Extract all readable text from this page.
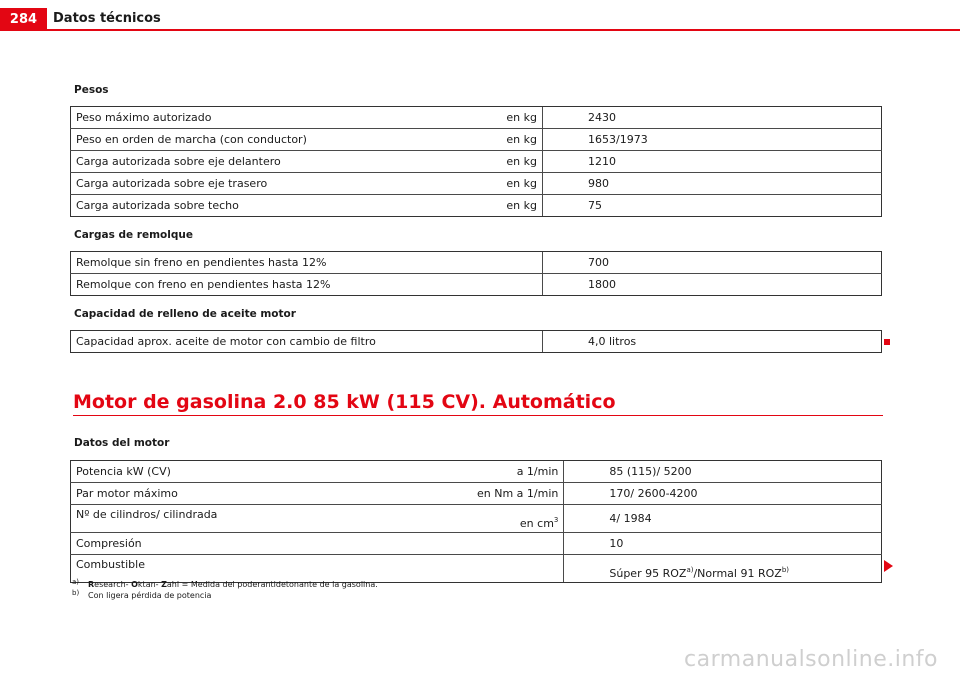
284	Datos técnicos
Pesos
Peso máximo autorizado	en kg	2430
Peso en orden de marcha (con conductor)	en kg	1653/1973
Carga autorizada sobre eje delantero	en kg	1210
Carga autorizada sobre eje trasero	en kg	980
Carga autorizada sobre techo	en kg	75
Cargas de remolque
Remolque sin freno en pendientes hasta 12%		700
Remolque con freno en pendientes hasta 12%		1800

Capacidad de relleno de aceite motor
Capacidad aprox. aceite de motor con cambio de filtro		4,0 litros

Motor de gasolina 2.0 85 kW (115 CV). Automático
Datos del motor
Potencia kW (CV)	a 1/min	85 (115)/ 5200
Par motor máximo	en Nm a 1/min	170/ 2600-4200
Nº de cilindros/ cilindrada	en $cm^3$	4/ 1984
Compresión		10
Combustible		Súper 95 ROZ$^{a)}$/Normal 91 ROZ$^{b)}$
a)	Research- Oktan- Zahl = Medida del poderantidetonante de la gasolina.
b)	Con ligera pérdida de potencia
carmanualsonline.info
